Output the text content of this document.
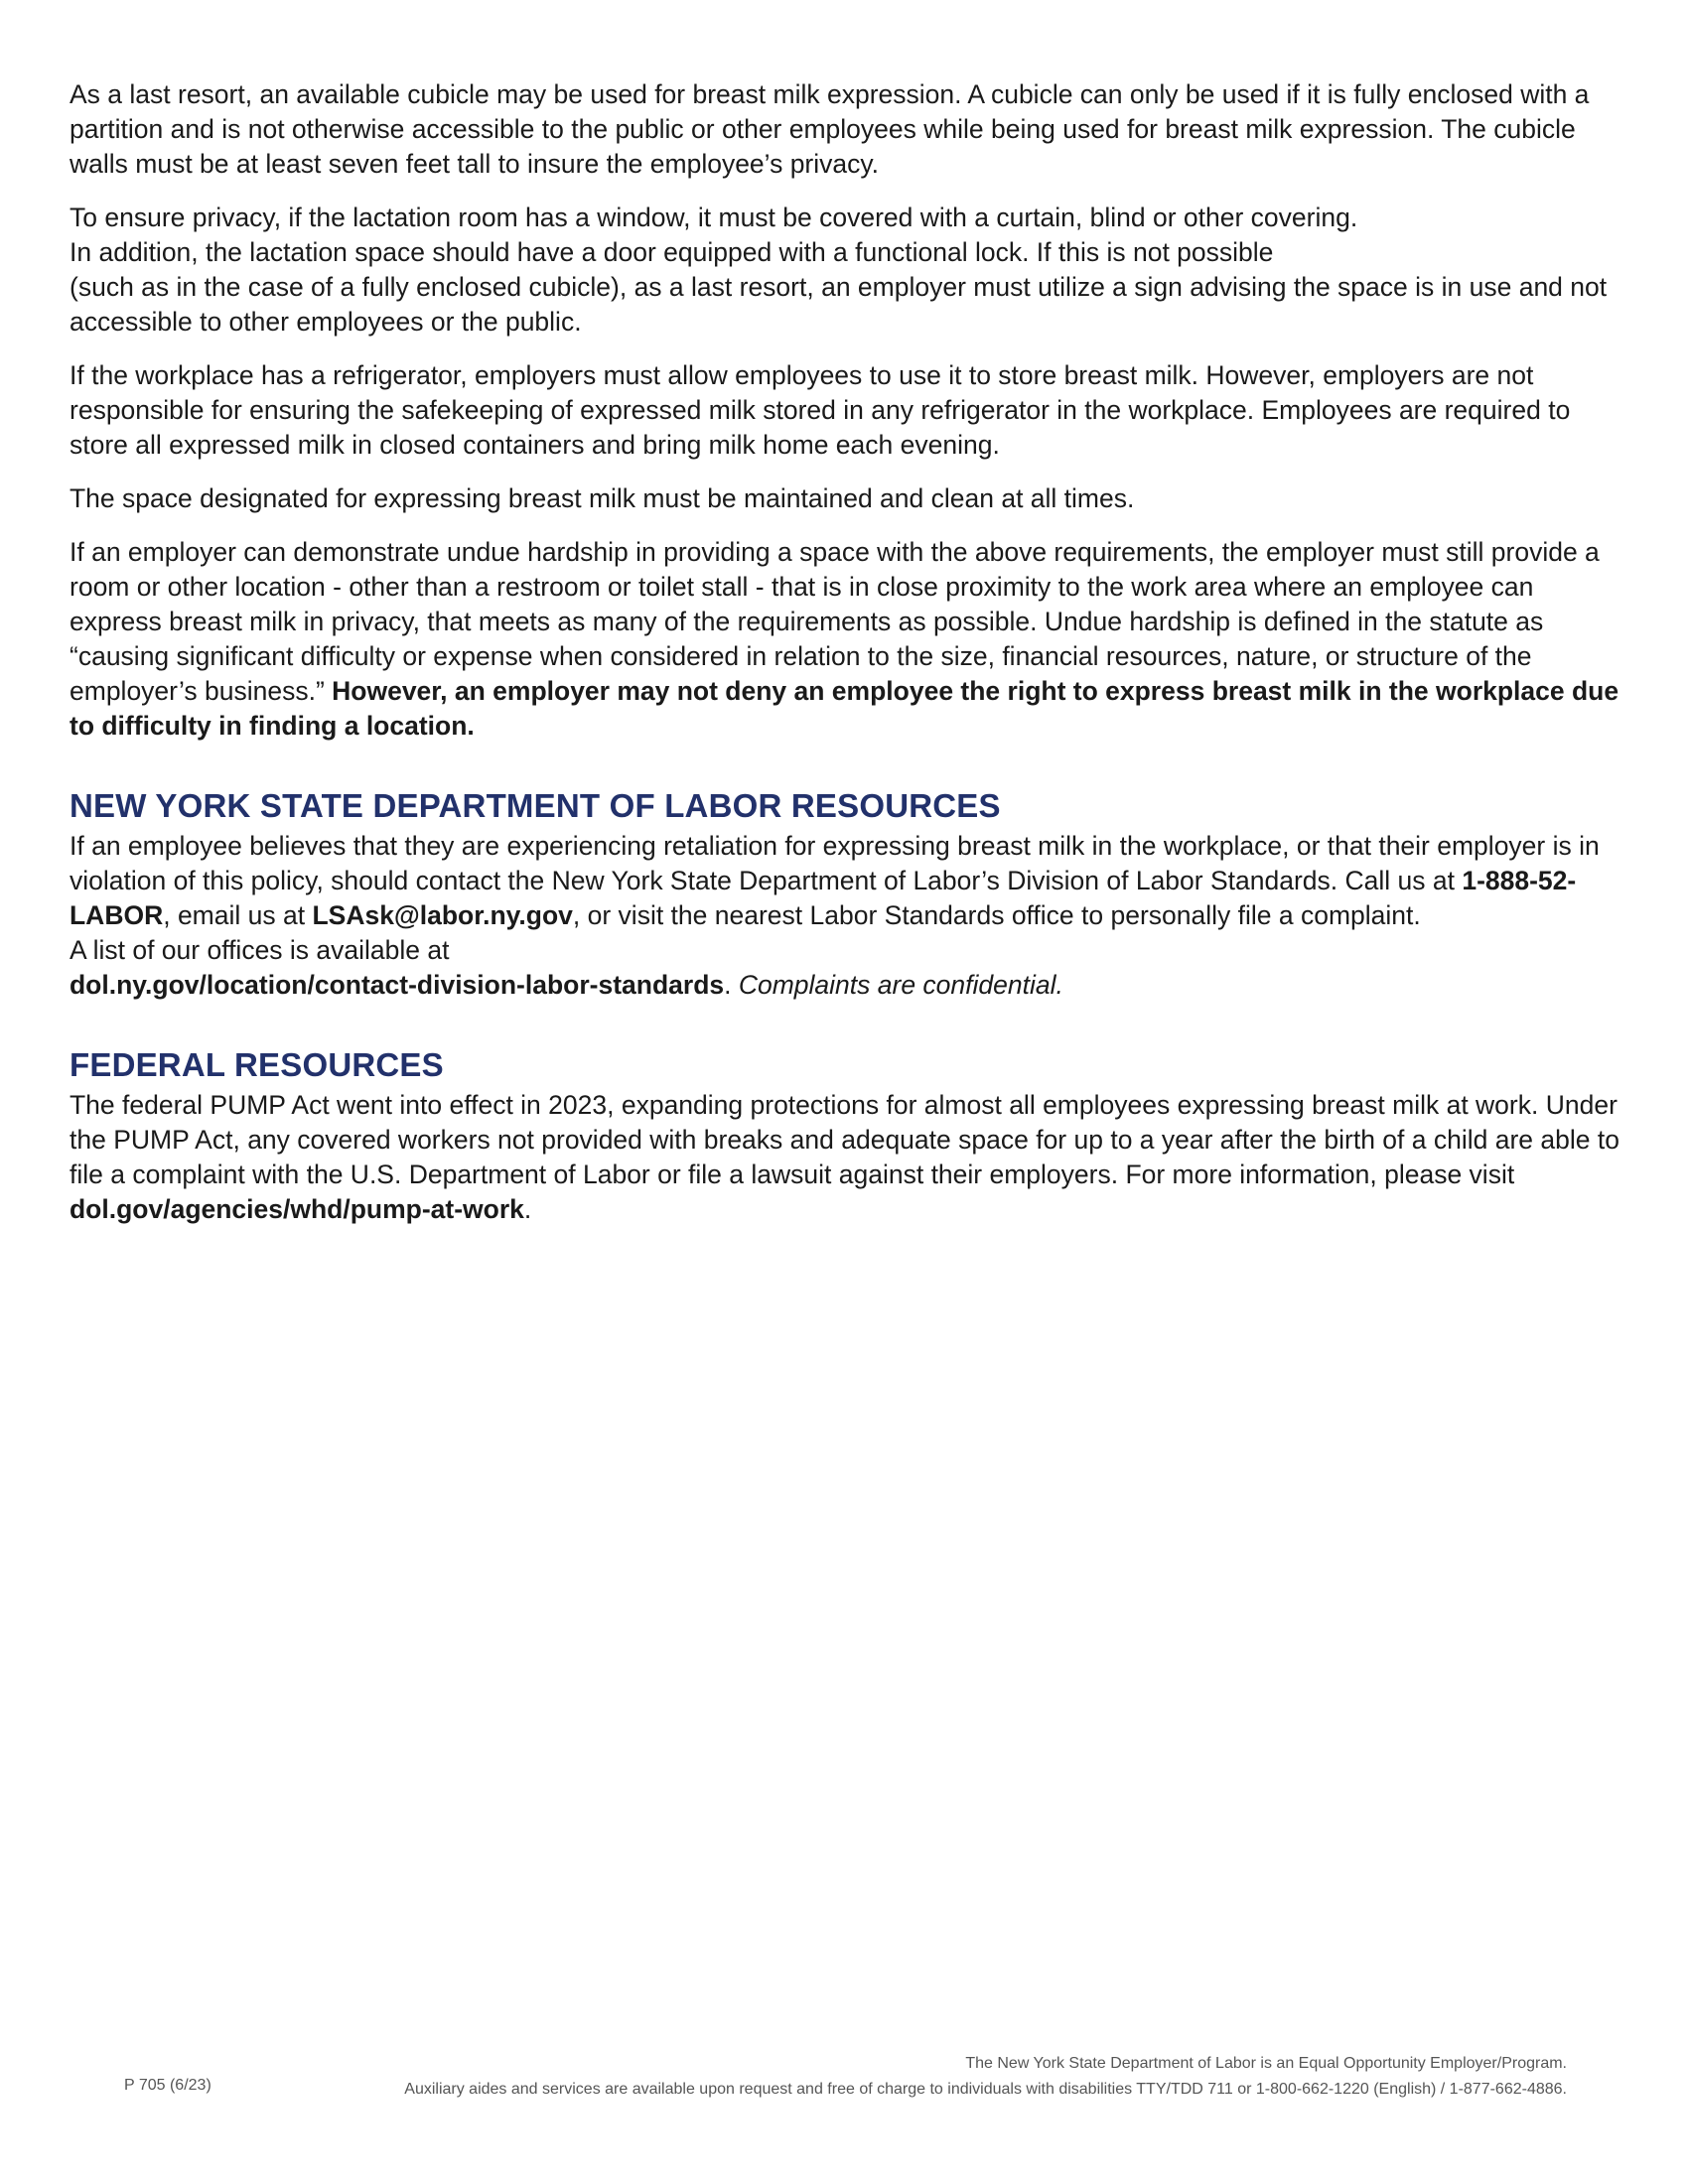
As a last resort, an available cubicle may be used for breast milk expression. A cubicle can only be used if it is fully enclosed with a partition and is not otherwise accessible to the public or other employees while being used for breast milk expression. The cubicle walls must be at least seven feet tall to insure the employee’s privacy.

To ensure privacy, if the lactation room has a window, it must be covered with a curtain, blind or other covering.
In addition, the lactation space should have a door equipped with a functional lock. If this is not possible
(such as in the case of a fully enclosed cubicle), as a last resort, an employer must utilize a sign advising the space is in use and not accessible to other employees or the public.

If the workplace has a refrigerator, employers must allow employees to use it to store breast milk. However, employers are not responsible for ensuring the safekeeping of expressed milk stored in any refrigerator in the workplace. Employees are required to store all expressed milk in closed containers and bring milk home each evening.

The space designated for expressing breast milk must be maintained and clean at all times.

If an employer can demonstrate undue hardship in providing a space with the above requirements, the employer must still provide a room or other location - other than a restroom or toilet stall - that is in close proximity to the work area where an employee can express breast milk in privacy, that meets as many of the requirements as possible. Undue hardship is defined in the statute as “causing significant difficulty or expense when considered in relation to the size, financial resources, nature, or structure of the employer’s business.” However, an employer may not deny an employee the right to express breast milk in the workplace due to difficulty in finding a location.

NEW YORK STATE DEPARTMENT OF LABOR RESOURCES

If an employee believes that they are experiencing retaliation for expressing breast milk in the workplace, or that their employer is in violation of this policy, should contact the New York State Department of Labor’s Division of Labor Standards. Call us at 1-888-52-LABOR, email us at LSAsk@labor.ny.gov, or visit the nearest Labor Standards office to personally file a complaint.
A list of our offices is available at
dol.ny.gov/location/contact-division-labor-standards. Complaints are confidential.

FEDERAL RESOURCES

The federal PUMP Act went into effect in 2023, expanding protections for almost all employees expressing breast milk at work. Under the PUMP Act, any covered workers not provided with breaks and adequate space for up to a year after the birth of a child are able to file a complaint with the U.S. Department of Labor or file a lawsuit against their employers. For more information, please visit dol.gov/agencies/whd/pump-at-work.

P 705 (6/23)
The New York State Department of Labor is an Equal Opportunity Employer/Program.
Auxiliary aides and services are available upon request and free of charge to individuals with disabilities TTY/TDD 711 or 1-800-662-1220 (English) / 1-877-662-4886.
